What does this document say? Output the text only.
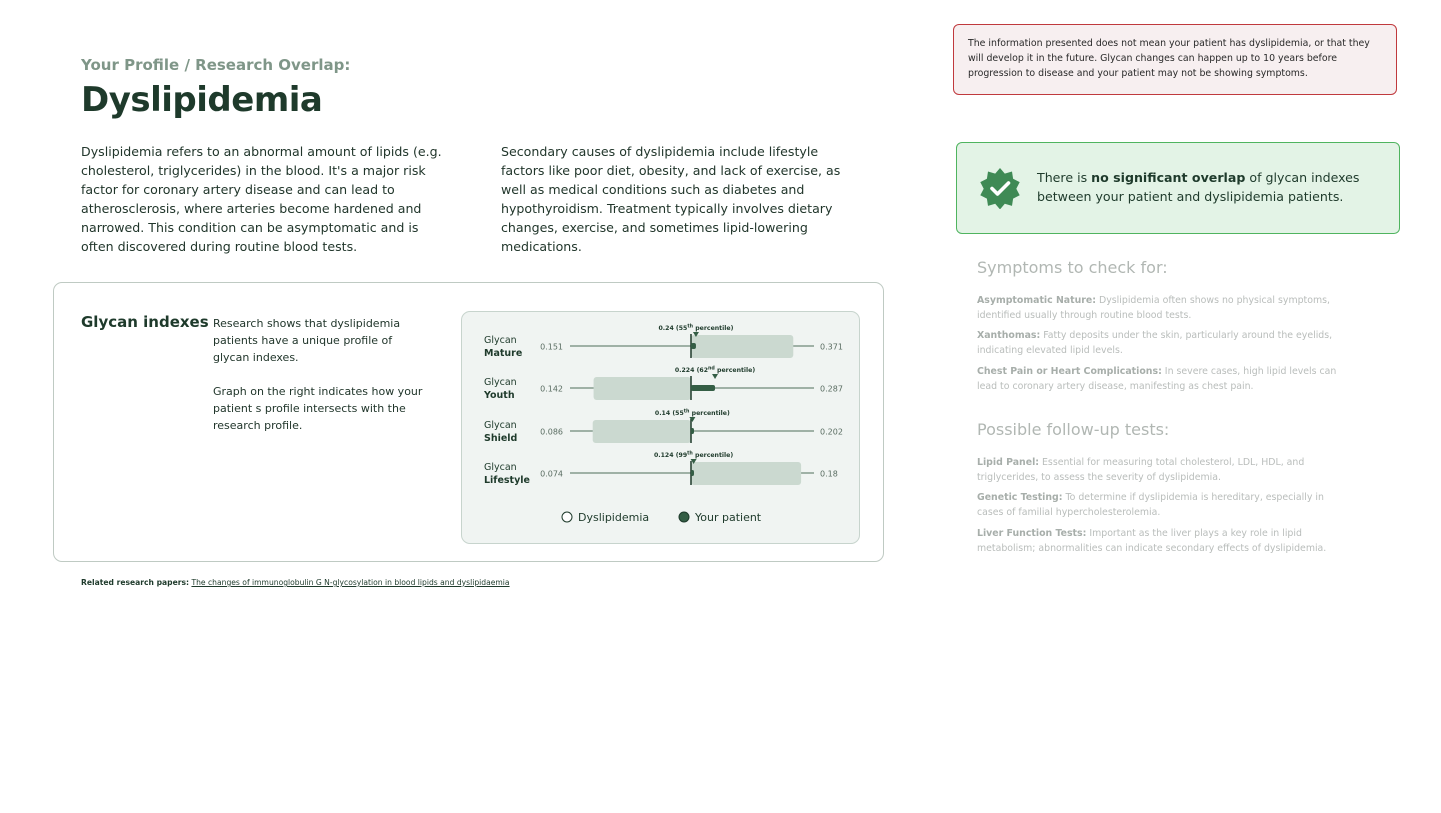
Your Profile / Research Overlap:
Dyslipidemia
Dyslipidemia refers to an abnormal amount of lipids (e.g. cholesterol, triglycerides) in the blood. It's a major risk factor for coronary artery disease and can lead to atherosclerosis, where arteries become hardened and narrowed. This condition can be asymptomatic and is often discovered during routine blood tests.
Secondary causes of dyslipidemia include lifestyle factors like poor diet, obesity, and lack of exercise, as well as medical conditions such as diabetes and hypothyroidism. Treatment typically involves dietary changes, exercise, and sometimes lipid-lowering medications.
Glycan indexes Research shows that dyslipidemia patients have a unique profile of glycan indexes.
Graph on the right indicates how your patient s profile intersects with the research profile.
Glycan
Mature
0.151	0.371
0.24 (55th percentile)
Glycan
Youth
0.142	0.287
0.224 (62nd percentile)
Glycan
Shield
0.086	0.202
0.14 (55th percentile)
Glycan
Lifestyle
0.074	0.18
0.124 (99th percentile)
Dyslipidemia	Your patient
The information presented does not mean your patient has dyslipidemia, or that they will develop it in the future. Glycan changes can happen up to 10 years before progression to disease and your patient may not be showing symptoms.
There is no significant overlap of glycan indexes between your patient and dyslipidemia patients.
Symptoms to check for:
Asymptomatic Nature: Dyslipidemia often shows no physical symptoms, identified usually through routine blood tests.
Xanthomas: Fatty deposits under the skin, particularly around the eyelids, indicating elevated lipid levels.
Chest Pain or Heart Complications: In severe cases, high lipid levels can lead to coronary artery disease, manifesting as chest pain.
Possible follow-up tests:
Lipid Panel: Essential for measuring total cholesterol, LDL, HDL, and triglycerides, to assess the severity of dyslipidemia.
Genetic Testing: To determine if dyslipidemia is hereditary, especially in cases of familial hypercholesterolemia.
Liver Function Tests: Important as the liver plays a key role in lipid metabolism; abnormalities can indicate secondary effects of dyslipidemia.
Related research papers: The changes of immunoglobulin G N-glycosylation in blood lipids and dyslipidaemia
